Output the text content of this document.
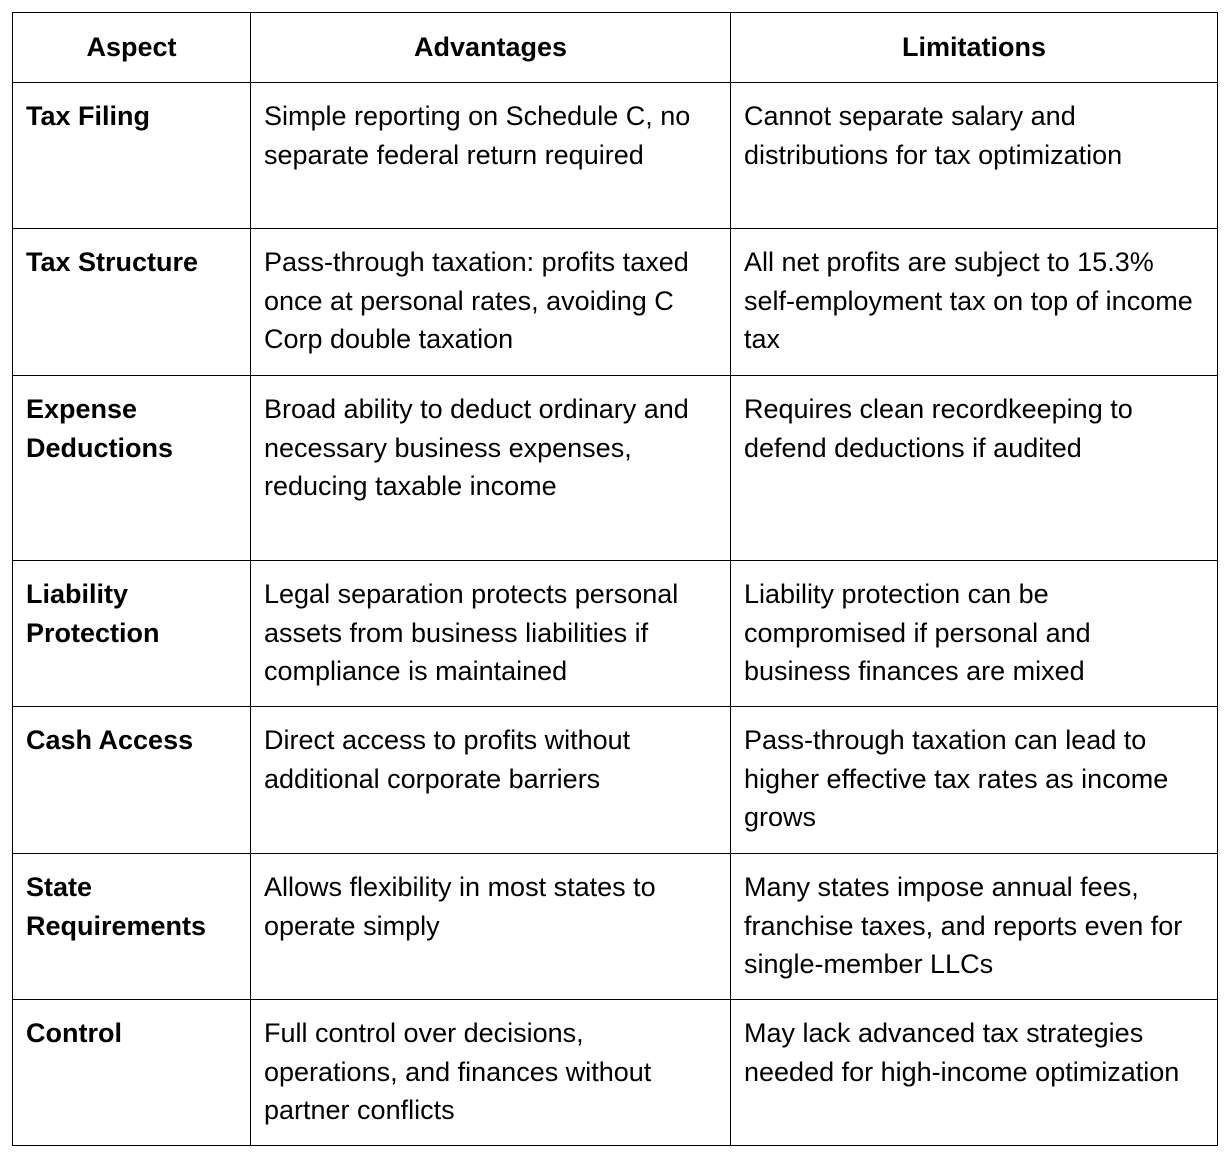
Aspect	Advantages	Limitations
Tax Filing	Simple reporting on Schedule C, no separate federal return required	Cannot separate salary and distributions for tax optimization
Tax Structure	Pass-through taxation: profits taxed once at personal rates, avoiding C Corp double taxation	All net profits are subject to 15.3% self-employment tax on top of income tax
Expense Deductions	Broad ability to deduct ordinary and necessary business expenses, reducing taxable income	Requires clean recordkeeping to defend deductions if audited
Liability Protection	Legal separation protects personal assets from business liabilities if compliance is maintained	Liability protection can be compromised if personal and business finances are mixed
Cash Access	Direct access to profits without additional corporate barriers	Pass-through taxation can lead to higher effective tax rates as income grows
State Requirements	Allows flexibility in most states to operate simply	Many states impose annual fees, franchise taxes, and reports even for single-member LLCs
Control	Full control over decisions, operations, and finances without partner conflicts	May lack advanced tax strategies needed for high-income optimization
